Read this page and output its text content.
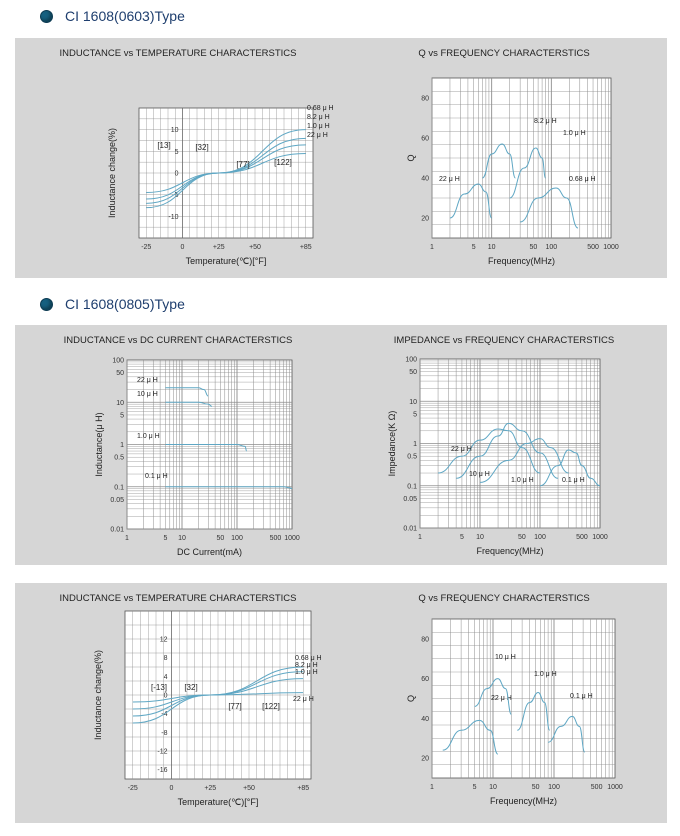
CI 1608(0603)Type
INDUCTANCE vs TEMPERATURE CHARACTERSTICS
-25	0	+25	+50	+85
10
5
0
-5
-10
Temperature(℃)[°F]
Inductance change(%)
0.68 μ H
8.2 μ H
1.0 μ H
22 μ H
[13]	[32]
[77]	[122]
Q vs FREQUENCY CHARACTERSTICS
1	5 10	50 100	500 1000
80
60
40
20
Frequency(MHz)
Q
22 μ H
8.2 μ H
1.0 μ H
0.68 μ H
CI 1608(0805)Type
INDUCTANCE vs DC CURRENT CHARACTERSTICS
1	5 10	50 100	500 1000
100
50
10
5
1
0.5
0.1
0.05
0.01
DC Current(mA)
Inductance(μ H)
22 μ H
10 μ H
1.0 μ H
0.1 μ H
IMPEDANCE vs FREQUENCY CHARACTERSTICS
1	5 10	50 100	500 1000
100
50
10
5
1
0.5
0.1
0.05
0.01
Frequency(MHz)
Impedance(K Ω)	22 μ H
10 μ H
1.0 μ H	0.1 μ H
INDUCTANCE vs TEMPERATURE CHARACTERSTICS
-25	0	+25	+50	+85
12
8
4
0
-4
-8
-12
-16
Temperature(℃)[°F]
Inductance change(%)	0.68 μ H
8.2 μ H
1.0 μ H
22 μ H
[-13] [32]
[77]	[122]
Q vs FREQUENCY CHARACTERSTICS
1	5 10	50 100	500 1000
80
60
40
20
Frequency(MHz)
Q	22 μ H
10 μ H
1.0 μ H
0.1 μ H
